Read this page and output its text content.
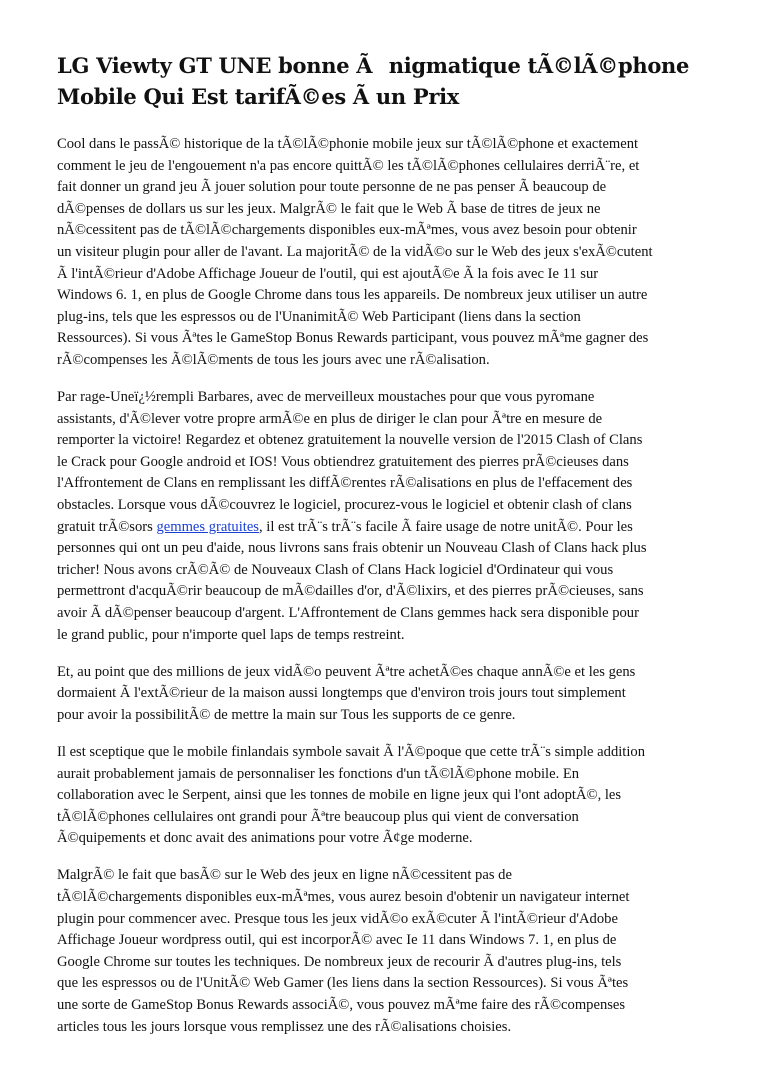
LG Viewty GT UNE bonne Ãnigmatique tÃ©lÃ©phone
Mobile Qui Est tarifÃ©es Ã un Prix

Cool dans le passÃ© historique de la tÃ©lÃ©phonie mobile jeux sur tÃ©lÃ©phone et exactement
comment le jeu de l'engouement n'a pas encore quittÃ© les tÃ©lÃ©phones cellulaires derriÃ¨re, et
fait donner un grand jeu Ã jouer solution pour toute personne de ne pas penser Ã beaucoup de
dÃ©penses de dollars us sur les jeux. MalgrÃ© le fait que le Web Ã base de titres de jeux ne
nÃ©cessitent pas de tÃ©lÃ©chargements disponibles eux-mÃªmes, vous avez besoin pour obtenir
un visiteur plugin pour aller de l'avant. La majoritÃ© de la vidÃ©o sur le Web des jeux s'exÃ©cutent
Ã l'intÃ©rieur d'Adobe Affichage Joueur de l'outil, qui est ajoutÃ©e Ã la fois avec Ie 11 sur
Windows 6. 1, en plus de Google Chrome dans tous les appareils. De nombreux jeux utiliser un autre
plug-ins, tels que les espressos ou de l'UnanimitÃ© Web Participant (liens dans la section
Ressources). Si vous Ãªtes le GameStop Bonus Rewards participant, vous pouvez mÃªme gagner des
rÃ©compenses les Ã©lÃ©ments de tous les jours avec une rÃ©alisation.

Par rage-Uneï¿½rempli Barbares, avec de merveilleux moustaches pour que vous pyromane
assistants, d'Ã©lever votre propre armÃ©e en plus de diriger le clan pour Ãªtre en mesure de
remporter la victoire! Regardez et obtenez gratuitement la nouvelle version de l'2015 Clash of Clans
le Crack pour Google android et IOS! Vous obtiendrez gratuitement des pierres prÃ©cieuses dans
l'Affrontement de Clans en remplissant les diffÃ©rentes rÃ©alisations en plus de l'effacement des
obstacles. Lorsque vous dÃ©couvrez le logiciel, procurez-vous le logiciel et obtenir clash of clans
gratuit trÃ©sors gemmes gratuites, il est trÃ¨s trÃ¨s facile Ã faire usage de notre unitÃ©. Pour les
personnes qui ont un peu d'aide, nous livrons sans frais obtenir un Nouveau Clash of Clans hack plus
tricher! Nous avons crÃ©Ã© de Nouveaux Clash of Clans Hack logiciel d'Ordinateur qui vous
permettront d'acquÃ©rir beaucoup de mÃ©dailles d'or, d'Ã©lixirs, et des pierres prÃ©cieuses, sans
avoir Ã dÃ©penser beaucoup d'argent. L'Affrontement de Clans gemmes hack sera disponible pour
le grand public, pour n'importe quel laps de temps restreint.

Et, au point que des millions de jeux vidÃ©o peuvent Ãªtre achetÃ©es chaque annÃ©e et les gens
dormaient Ã l'extÃ©rieur de la maison aussi longtemps que d'environ trois jours tout simplement
pour avoir la possibilitÃ© de mettre la main sur Tous les supports de ce genre.

Il est sceptique que le mobile finlandais symbole savait Ã l'Ã©poque que cette trÃ¨s simple addition
aurait probablement jamais de personnaliser les fonctions d'un tÃ©lÃ©phone mobile. En
collaboration avec le Serpent, ainsi que les tonnes de mobile en ligne jeux qui l'ont adoptÃ©, les
tÃ©lÃ©phones cellulaires ont grandi pour Ãªtre beaucoup plus qui vient de conversation
Ã©quipements et donc avait des animations pour votre Ã¢ge moderne.

MalgrÃ© le fait que basÃ© sur le Web des jeux en ligne nÃ©cessitent pas de
tÃ©lÃ©chargements disponibles eux-mÃªmes, vous aurez besoin d'obtenir un navigateur internet
plugin pour commencer avec. Presque tous les jeux vidÃ©o exÃ©cuter Ã l'intÃ©rieur d'Adobe
Affichage Joueur wordpress outil, qui est incorporÃ© avec Ie 11 dans Windows 7. 1, en plus de
Google Chrome sur toutes les techniques. De nombreux jeux de recourir Ã d'autres plug-ins, tels
que les espressos ou de l'UnitÃ© Web Gamer (les liens dans la section Ressources). Si vous Ãªtes
une sorte de GameStop Bonus Rewards associÃ©, vous pouvez mÃªme faire des rÃ©compenses
articles tous les jours lorsque vous remplissez une des rÃ©alisations choisies.
